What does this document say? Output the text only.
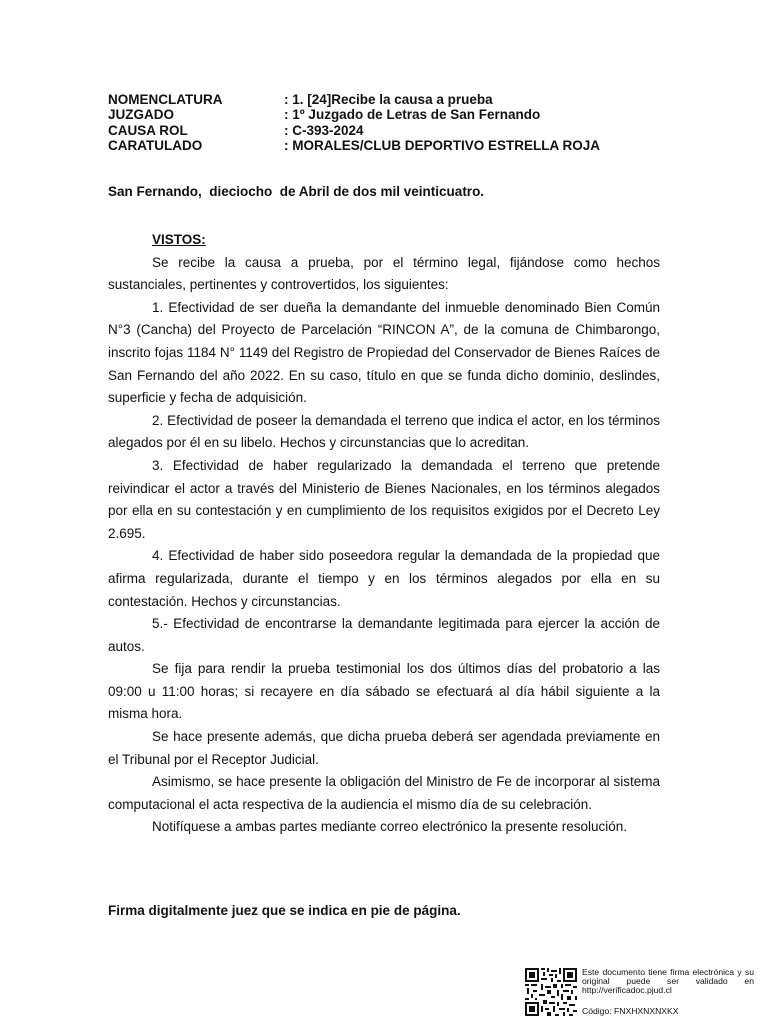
NOMENCLATURA	: 1. [24]Recibe la causa a prueba
JUZGADO	: 1º Juzgado de Letras de San Fernando
CAUSA ROL	: C-393-2024
CARATULADO	: MORALES/CLUB DEPORTIVO ESTRELLA ROJA
San Fernando,  dieciocho  de Abril de dos mil veinticuatro.
VISTOS:

Se recibe la causa a prueba, por el término legal, fijándose como hechos sustanciales, pertinentes y controvertidos, los siguientes:

1. Efectividad de ser dueña la demandante del inmueble denominado Bien Común N°3 (Cancha) del Proyecto de Parcelación “RINCON A”, de la comuna de Chimbarongo, inscrito fojas 1184 N° 1149 del Registro de Propiedad del Conservador de Bienes Raíces de San Fernando del año 2022. En su caso, título en que se funda dicho dominio, deslindes, superficie y fecha de adquisición.

2. Efectividad de poseer la demandada el terreno que indica el actor, en los términos alegados por él en su libelo. Hechos y circunstancias que lo acreditan.

3. Efectividad de haber regularizado la demandada el terreno que pretende reivindicar el actor a través del Ministerio de Bienes Nacionales, en los términos alegados por ella en su contestación y en cumplimiento de los requisitos exigidos por el Decreto Ley 2.695.

4. Efectividad de haber sido poseedora regular la demandada de la propiedad que afirma regularizada, durante el tiempo y en los términos alegados por ella en su contestación. Hechos y circunstancias.

5.- Efectividad de encontrarse la demandante legitimada para ejercer la acción de autos.

Se fija para rendir la prueba testimonial los dos últimos días del probatorio a las 09:00 u 11:00 horas; si recayere en día sábado se efectuará al día hábil siguiente a la misma hora.

Se hace presente además, que dicha prueba deberá ser agendada previamente en el Tribunal por el Receptor Judicial.

Asimismo, se hace presente la obligación del Ministro de Fe de incorporar al sistema computacional el acta respectiva de la audiencia el mismo día de su celebración.

Notifíquese a ambas partes mediante correo electrónico la presente resolución.

Firma digitalmente juez que se indica en pie de página.
Este documento tiene firma electrónica y su original puede ser validado en http://verificadoc.pjud.cl
Código: FNXHXNXNXKX
